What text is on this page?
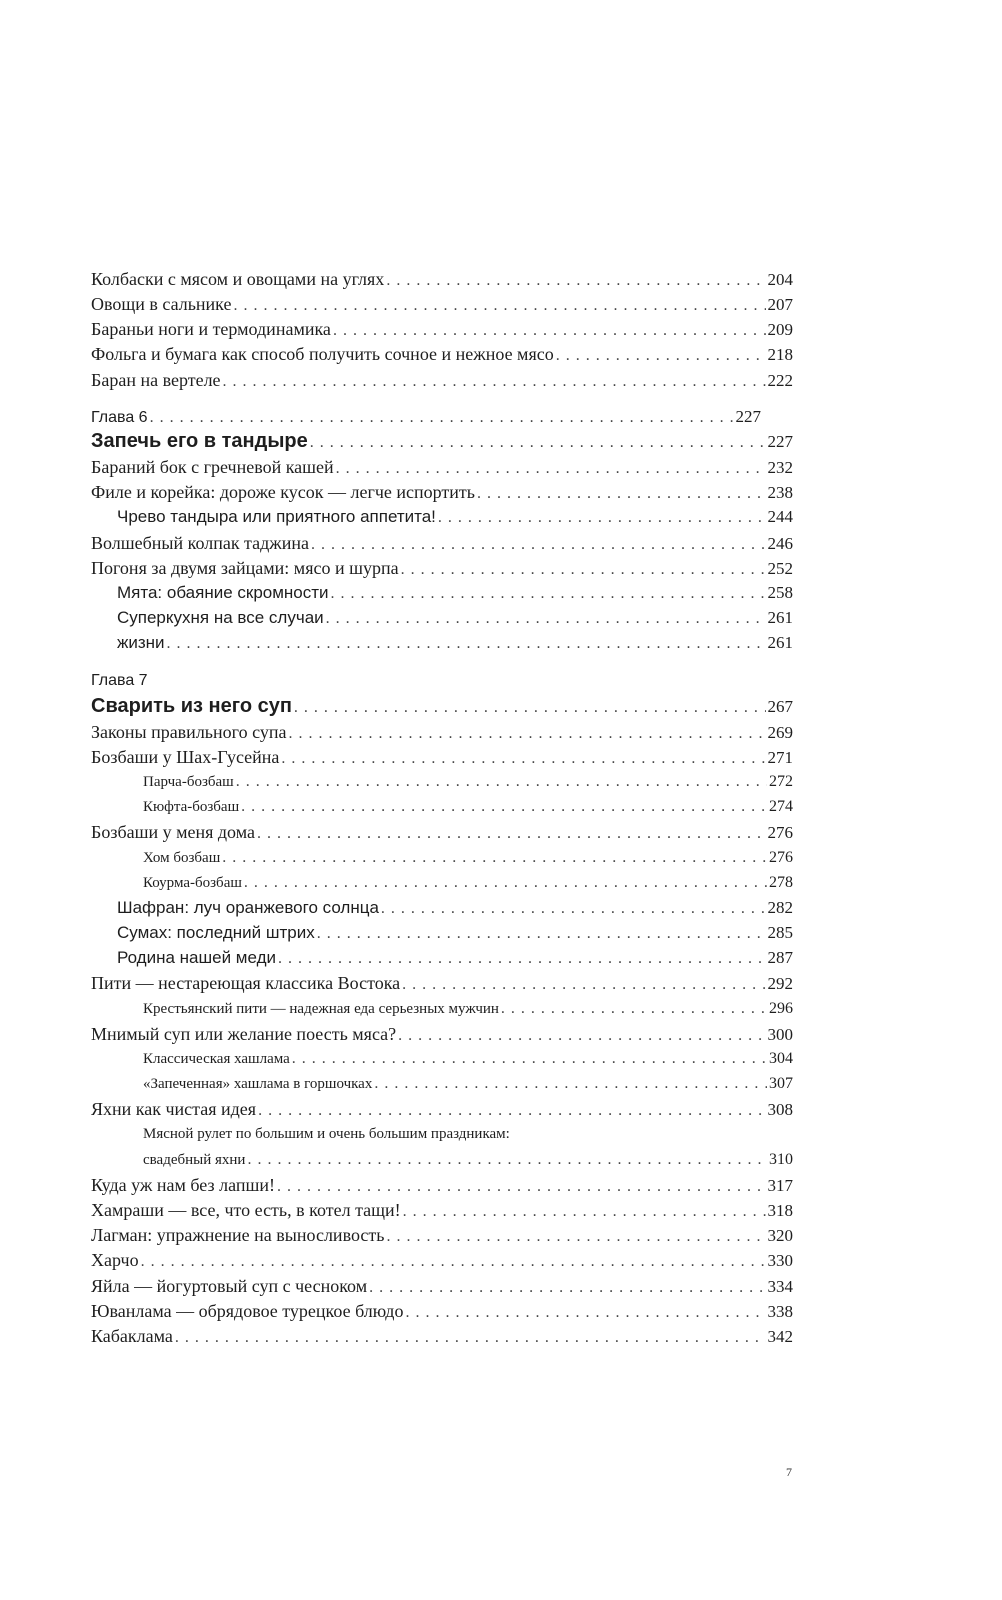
Колбаски с мясом и овощами на углях . . .	204
Овощи в сальнике . . .	207
Бараньи ноги и термодинамика . . .	209
Фольга и бумага как способ получить сочное и нежное мясо . . .	218
Баран на вертеле . . .	222
Глава 6 . . .	227
Запечь его в тандыре . . .	227
Бараний бок с гречневой кашей . . .	232
Филе и корейка: дороже кусок — легче испортить . . .	238
Чрево тандыра или приятного аппетита! . . .	244
Волшебный колпак таджина . . .	246
Погоня за двумя зайцами: мясо и шурпа . . .	252
Мята: обаяние скромности . . .	258
Суперкухня на все случаи . . .	261
жизни . . .	261
Глава 7
Сварить из него суп . . .	267
Законы правильного супа . . .	269
Бозбаши у Шах-Гусейна . . .	271
Парча-бозбаш . . .	272
Кюфта-бозбаш . . .	274
Бозбаши у меня дома . . .	276
Хом бозбаш . . .	276
Коурма-бозбаш . . .	278
Шафран: луч оранжевого солнца . . .	282
Сумах: последний штрих . . .	285
Родина нашей меди . . .	287
Пити — нестареющая классика Востока . . .	292
Крестьянский пити — надежная еда серьезных мужчин . . .	296
Мнимый суп или желание поесть мяса? . . .	300
Классическая хашлама . . .	304
«Запеченная» хашлама в горшочках . . .	307
Яхни как чистая идея . . .	308
Мясной рулет по большим и очень большим праздникам:
свадебный яхни . . .	310
Куда уж нам без лапши! . . .	317
Хамраши — все, что есть, в котел тащи! . . .	318
Лагман: упражнение на выносливость . . .	320
Харчо . . .	330
Яйла — йогуртовый суп с чесноком . . .	334
Юванлама — обрядовое турецкое блюдо . . .	338
Кабаклама . . .	342
7
